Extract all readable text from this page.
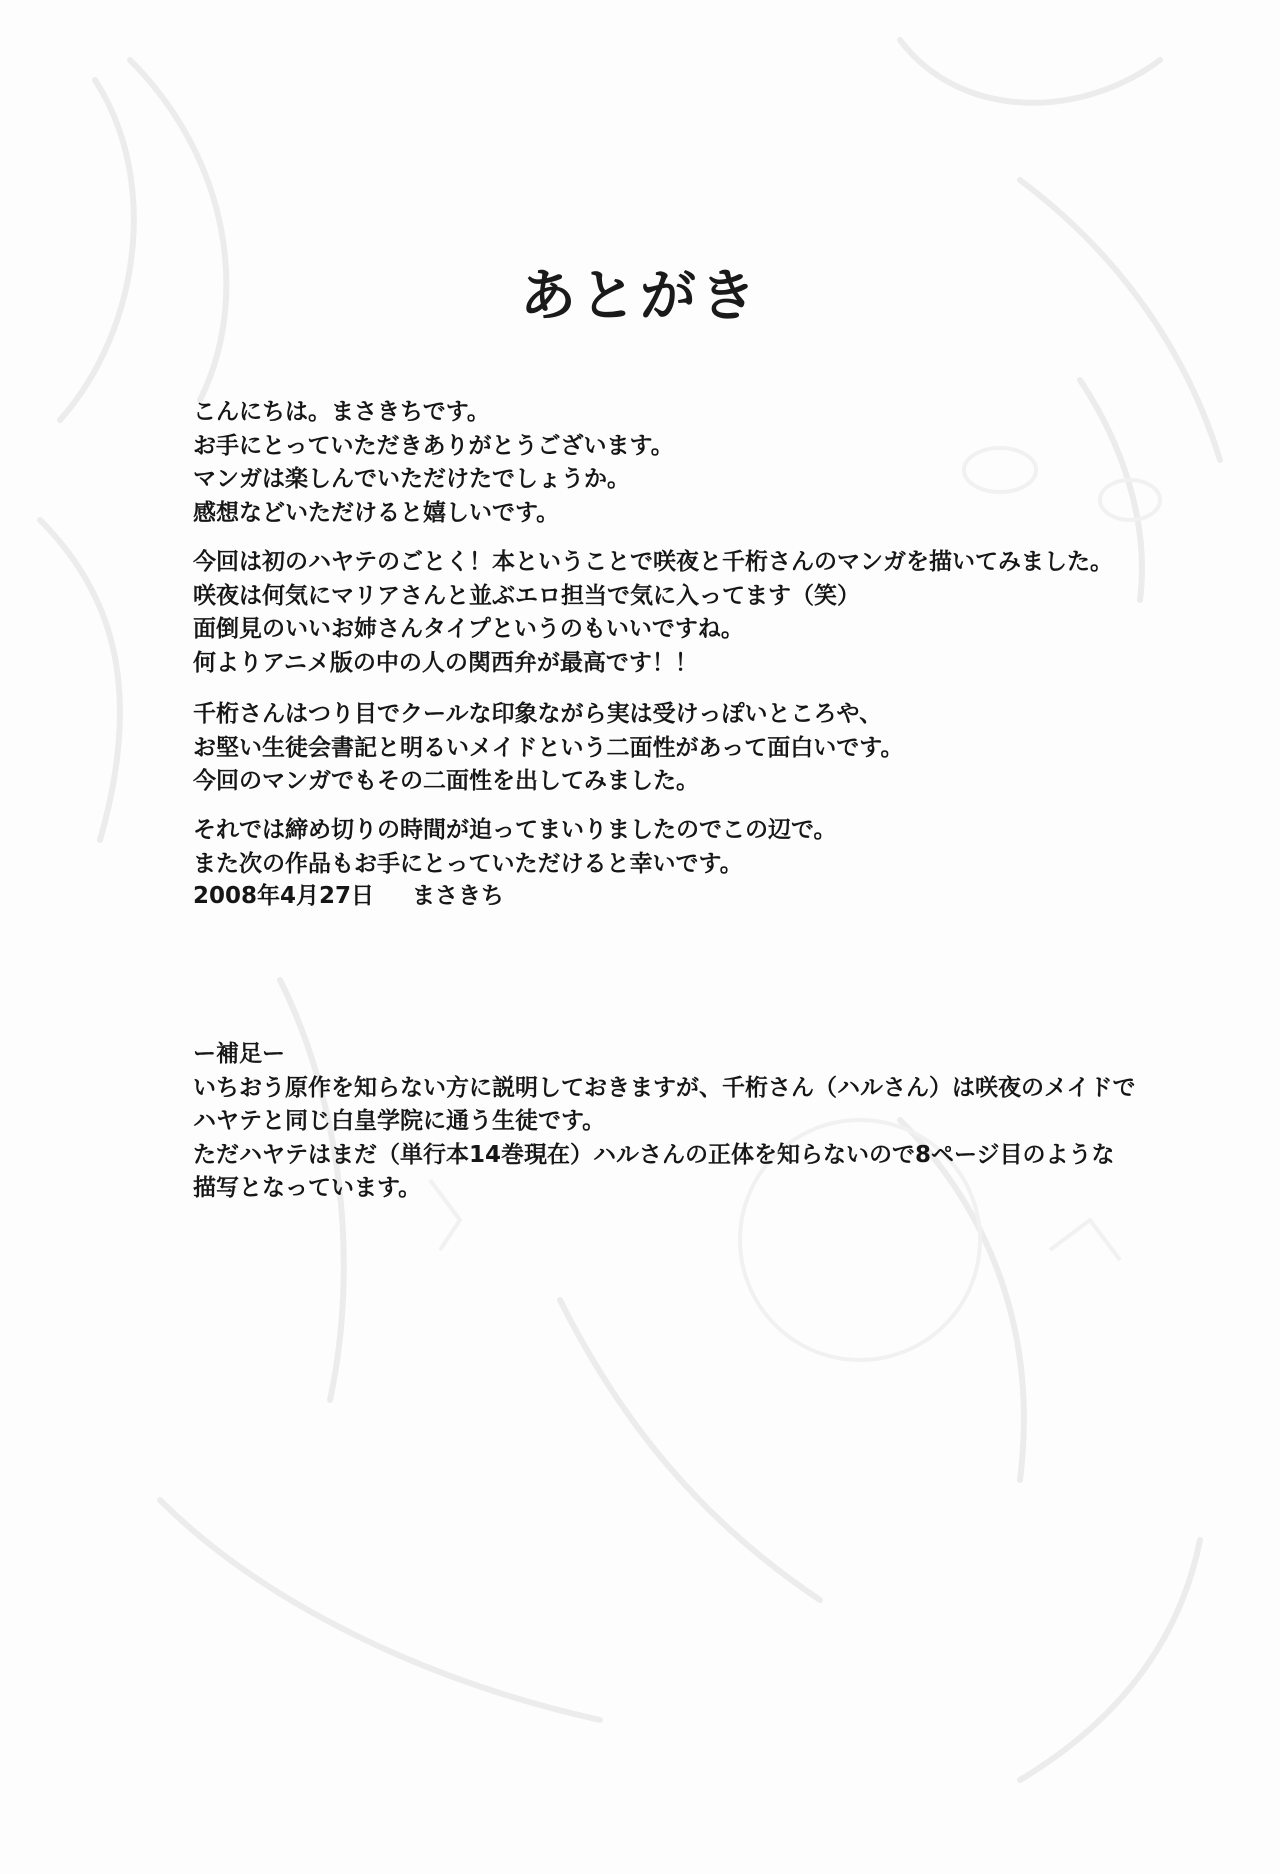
あとがき

こんにちは。まさきちです。

お手にとっていただきありがとうございます。

マンガは楽しんでいただけたでしょうか。

感想などいただけると嬉しいです。

今回は初のハヤテのごとく！本ということで咲夜と千桁さんのマンガを描いてみました。

咲夜は何気にマリアさんと並ぶエロ担当で気に入ってます（笑）

面倒見のいいお姉さんタイプというのもいいですね。

何よりアニメ版の中の人の関西弁が最高です！！

千桁さんはつり目でクールな印象ながら実は受けっぽいところや、

お堅い生徒会書記と明るいメイドという二面性があって面白いです。

今回のマンガでもその二面性を出してみました。

それでは締め切りの時間が迫ってまいりましたのでこの辺で。

また次の作品もお手にとっていただけると幸いです。

2008年4月27日 まさきち

ー補足ー

いちおう原作を知らない方に説明しておきますが、千桁さん（ハルさん）は咲夜のメイドで

ハヤテと同じ白皇学院に通う生徒です。

ただハヤテはまだ（単行本14巻現在）ハルさんの正体を知らないので8ページ目のような

描写となっています。
